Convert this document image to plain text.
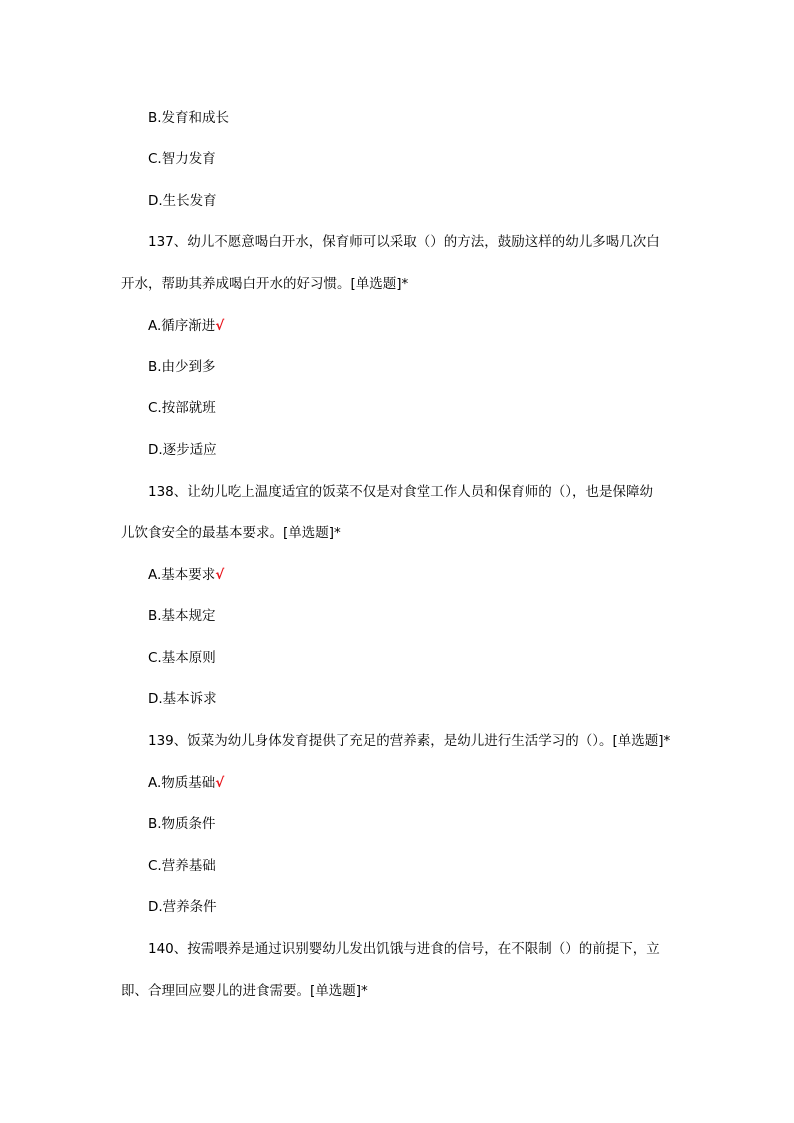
B.发育和成长
C.智力发育
D.生长发育
137、幼儿不愿意喝白开水，保育师可以采取（）的方法，鼓励这样的幼儿多喝几次白
开水，帮助其养成喝白开水的好习惯。[单选题]*
A.循序渐进√
B.由少到多
C.按部就班
D.逐步适应
138、让幼儿吃上温度适宜的饭菜不仅是对食堂工作人员和保育师的（），也是保障幼
儿饮食安全的最基本要求。[单选题]*
A.基本要求√
B.基本规定
C.基本原则
D.基本诉求
139、饭菜为幼儿身体发育提供了充足的营养素，是幼儿进行生活学习的（）。[单选题]*
A.物质基础√
B.物质条件
C.营养基础
D.营养条件
140、按需喂养是通过识别婴幼儿发出饥饿与进食的信号，在不限制（）的前提下，立
即、合理回应婴儿的进食需要。[单选题]*
